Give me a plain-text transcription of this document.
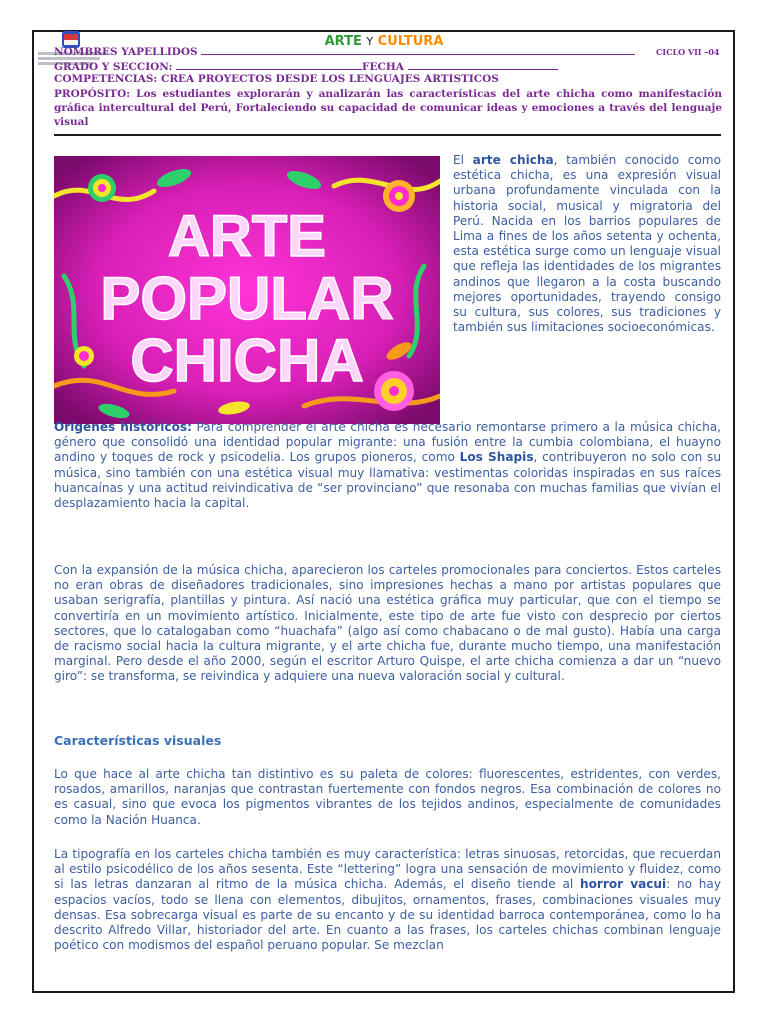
ARTE Y CULTURA
NOMBRES YAPELLIDOS	CICLO VII –04
GRADO Y SECCION:	FECHA
COMPETENCIAS: CREA PROYECTOS DESDE LOS LENGUAJES ARTISTICOS
PROPÓSITO: Los estudiantes explorarán y analizarán las características del arte chicha como manifestación gráfica intercultural del Perú, Fortaleciendo su capacidad de comunicar ideas y emociones a través del lenguaje visual
ARTE
POPULAR
CHICHA
El arte chicha, también conocido como estética chicha, es una expresión visual urbana profundamente vinculada con la historia social, musical y migratoria del Perú. Nacida en los barrios populares de Lima a fines de los años setenta y ochenta, esta estética surge como un lenguaje visual que refleja las identidades de los migrantes andinos que llegaron a la costa buscando mejores oportunidades, trayendo consigo su cultura, sus colores, sus tradiciones y también sus limitaciones socioeconómicas.

Orígenes históricos: Para comprender el arte chicha es necesario remontarse primero a la música chicha, género que consolidó una identidad popular migrante: una fusión entre la cumbia colombiana, el huayno andino y toques de rock y psicodelia. Los grupos pioneros, como Los Shapis, contribuyeron no solo con su música, sino también con una estética visual muy llamativa: vestimentas coloridas inspiradas en sus raíces huancaínas y una actitud reivindicativa de “ser provinciano” que resonaba con muchas familias que vivían el desplazamiento hacia la capital.

Con la expansión de la música chicha, aparecieron los carteles promocionales para conciertos. Estos carteles no eran obras de diseñadores tradicionales, sino impresiones hechas a mano por artistas populares que usaban serigrafía, plantillas y pintura. Así nació una estética gráfica muy particular, que con el tiempo se convertiría en un movimiento artístico. Inicialmente, este tipo de arte fue visto con desprecio por ciertos sectores, que lo catalogaban como “huachafa” (algo así como chabacano o de mal gusto). Había una carga de racismo social hacia la cultura migrante, y el arte chicha fue, durante mucho tiempo, una manifestación marginal. Pero desde el año 2000, según el escritor Arturo Quispe, el arte chicha comienza a dar un “nuevo giro”: se transforma, se reivindica y adquiere una nueva valoración social y cultural.

Características visuales

Lo que hace al arte chicha tan distintivo es su paleta de colores: fluorescentes, estridentes, con verdes, rosados, amarillos, naranjas que contrastan fuertemente con fondos negros. Esa combinación de colores no es casual, sino que evoca los pigmentos vibrantes de los tejidos andinos, especialmente de comunidades como la Nación Huanca.

La tipografía en los carteles chicha también es muy característica: letras sinuosas, retorcidas, que recuerdan al estilo psicodélico de los años sesenta. Este “lettering” logra una sensación de movimiento y fluidez, como si las letras danzaran al ritmo de la música chicha. Además, el diseño tiende al horror vacui: no hay espacios vacíos, todo se llena con elementos, dibujitos, ornamentos, frases, combinaciones visuales muy densas. Esa sobrecarga visual es parte de su encanto y de su identidad barroca contemporánea, como lo ha descrito Alfredo Villar, historiador del arte. En cuanto a las frases, los carteles chichas combinan lenguaje poético con modismos del español peruano popular. Se mezclan
